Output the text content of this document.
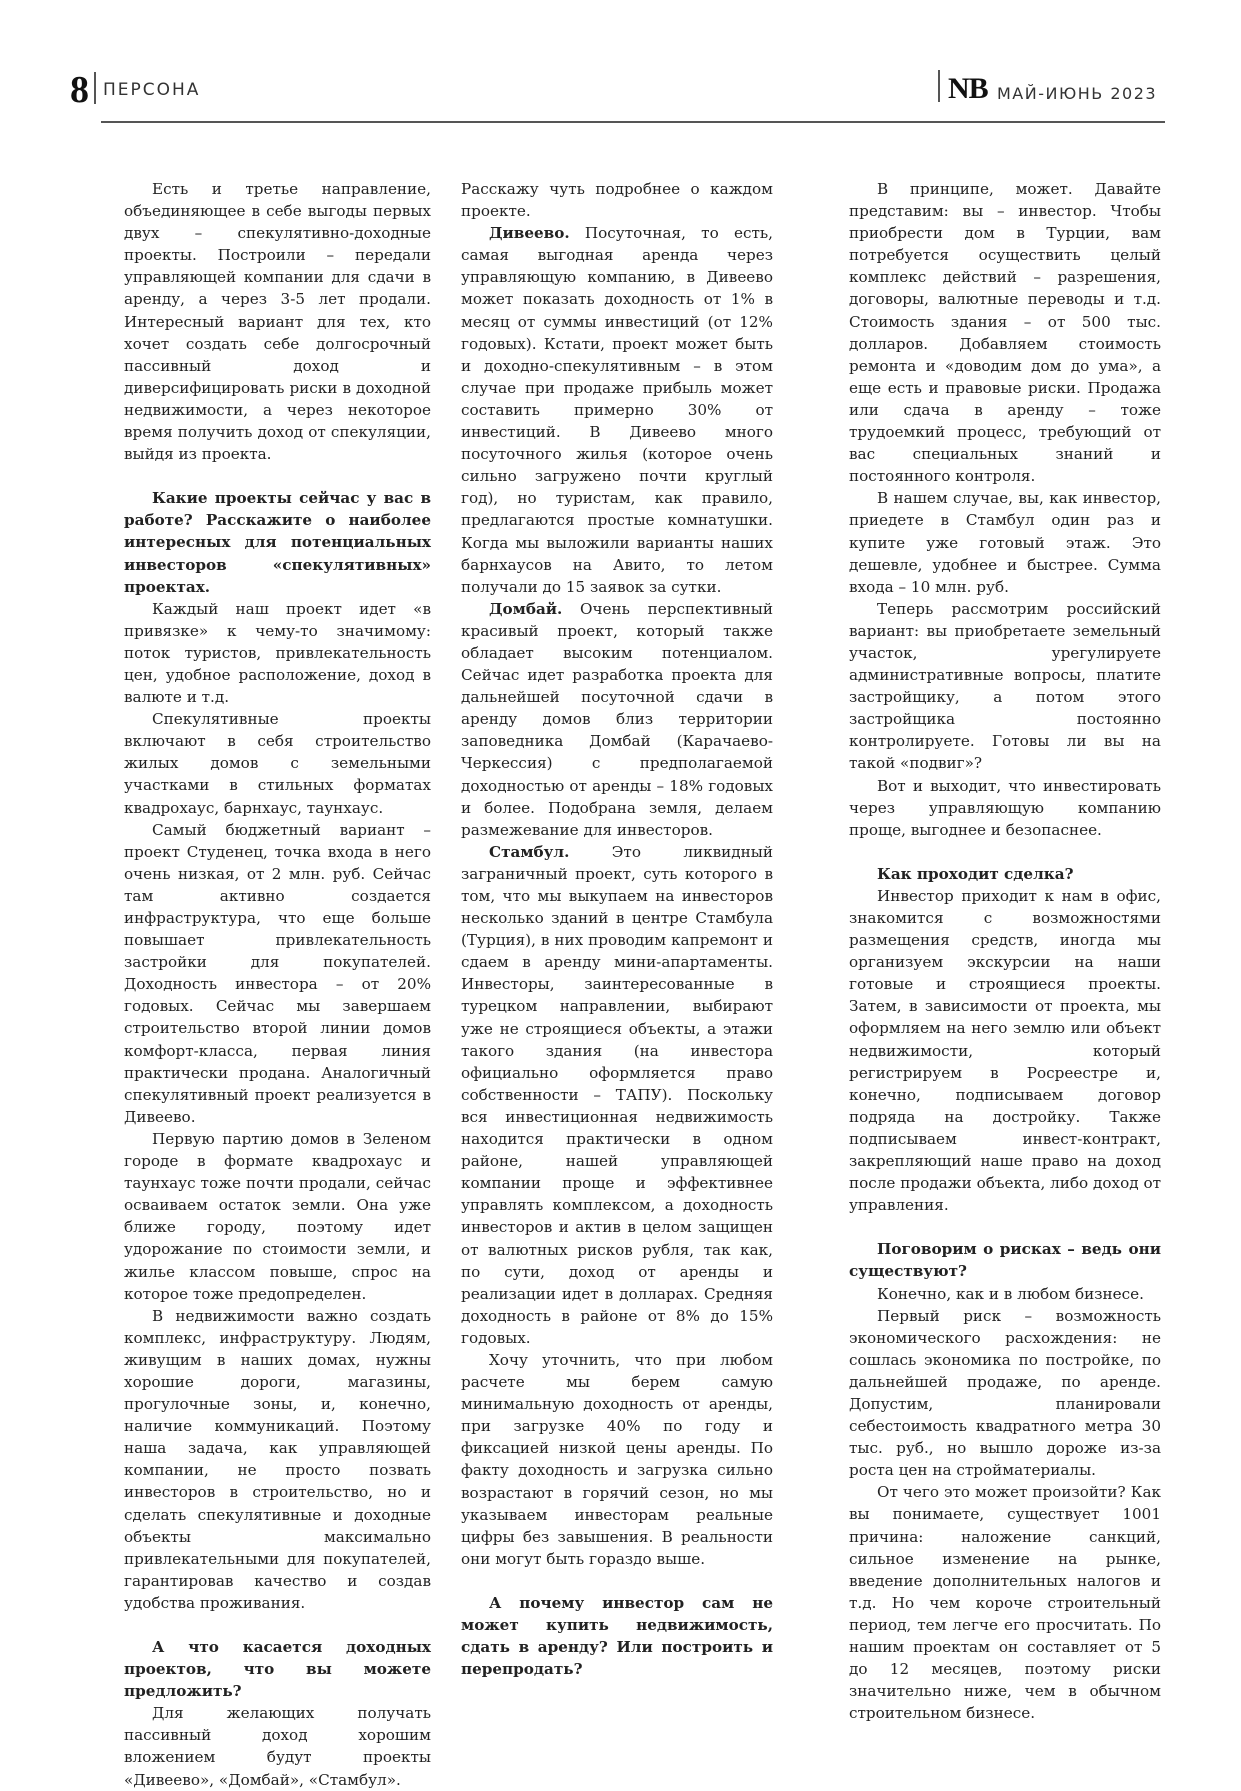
8 ПЕРСОНА	NB МАЙ-ИЮНЬ 2023

Есть и третье направление, объединяющее в себе выгоды первых двух – спекулятивно-доходные проекты. Построили – передали управляющей компании для сдачи в аренду, а через 3-5 лет продали. Интересный вариант для тех, кто хочет создать себе долгосрочный пассивный доход и диверсифицировать риски в доходной недвижимости, а через некоторое время получить доход от спекуляции, выйдя из проекта.

Какие проекты сейчас у вас в работе? Расскажите о наиболее интересных для потенциальных инвесторов «спекулятивных» проектах.

Каждый наш проект идет «в привязке» к чему-то значимому: поток туристов, привлекательность цен, удобное расположение, доход в валюте и т.д.

Спекулятивные проекты включают в себя строительство жилых домов с земельными участками в стильных форматах квадрохаус, барнхаус, таунхаус.

Самый бюджетный вариант – проект Студенец, точка входа в него очень низкая, от 2 млн. руб. Сейчас там активно создается инфраструктура, что еще больше повышает привлекательность застройки для покупателей. Доходность инвестора – от 20% годовых. Сейчас мы завершаем строительство второй линии домов комфорт-класса, первая линия практически продана. Аналогичный спекулятивный проект реализуется в Дивеево.

Первую партию домов в Зеленом городе в формате квадрохаус и таунхаус тоже почти продали, сейчас осваиваем остаток земли. Она уже ближе городу, поэтому идет удорожание по стоимости земли, и жилье классом повыше, спрос на которое тоже предопределен.

В недвижимости важно создать комплекс, инфраструктуру. Людям, живущим в наших домах, нужны хорошие дороги, магазины, прогулочные зоны, и, конечно, наличие коммуникаций. Поэтому наша задача, как управляющей компании, не просто позвать инвесторов в строительство, но и сделать спекулятивные и доходные объекты максимально привлекательными для покупателей, гарантировав качество и создав удобства проживания.

А что касается доходных проектов, что вы можете предложить?

Для желающих получать пассивный доход хорошим вложением будут проекты «Дивеево», «Домбай», «Стамбул».

Расскажу чуть подробнее о каждом проекте.

Дивеево. Посуточная, то есть, самая выгодная аренда через управляющую компанию, в Дивеево может показать доходность от 1% в месяц от суммы инвестиций (от 12% годовых). Кстати, проект может быть и доходно-спекулятивным – в этом случае при продаже прибыль может составить примерно 30% от инвестиций. В Дивеево много посуточного жилья (которое очень сильно загружено почти круглый год), но туристам, как правило, предлагаются простые комнатушки. Когда мы выложили варианты наших барнхаусов на Авито, то летом получали до 15 заявок за сутки.

Домбай. Очень перспективный красивый проект, который также обладает высоким потенциалом. Сейчас идет разработка проекта для дальнейшей посуточной сдачи в аренду домов близ территории заповедника Домбай (Карачаево-Черкессия) с предполагаемой доходностью от аренды – 18% годовых и более. Подобрана земля, делаем размежевание для инвесторов.

Стамбул. Это ликвидный заграничный проект, суть которого в том, что мы выкупаем на инвесторов несколько зданий в центре Стамбула (Турция), в них проводим капремонт и сдаем в аренду мини-апартаменты. Инвесторы, заинтересованные в турецком направлении, выбирают уже не строящиеся объекты, а этажи такого здания (на инвестора официально оформляется право собственности – ТАПУ). Поскольку вся инвестиционная недвижимость находится практически в одном районе, нашей управляющей компании проще и эффективнее управлять комплексом, а доходность инвесторов и актив в целом защищен от валютных рисков рубля, так как, по сути, доход от аренды и реализации идет в долларах. Средняя доходность в районе от 8% до 15% годовых.

Хочу уточнить, что при любом расчете мы берем самую минимальную доходность от аренды, при загрузке 40% по году и фиксацией низкой цены аренды. По факту доходность и загрузка сильно возрастают в горячий сезон, но мы указываем инвесторам реальные цифры без завышения. В реальности они могут быть гораздо выше.

А почему инвестор сам не может купить недвижимость, сдать в аренду? Или построить и перепродать?

В принципе, может. Давайте представим: вы – инвестор. Чтобы приобрести дом в Турции, вам потребуется осуществить целый комплекс действий – разрешения, договоры, валютные переводы и т.д. Стоимость здания – от 500 тыс. долларов. Добавляем стоимость ремонта и «доводим дом до ума», а еще есть и правовые риски. Продажа или сдача в аренду – тоже трудоемкий процесс, требующий от вас специальных знаний и постоянного контроля.

В нашем случае, вы, как инвестор, приедете в Стамбул один раз и купите уже готовый этаж. Это дешевле, удобнее и быстрее. Сумма входа – 10 млн. руб.

Теперь рассмотрим российский вариант: вы приобретаете земельный участок, урегулируете административные вопросы, платите застройщику, а потом этого застройщика постоянно контролируете. Готовы ли вы на такой «подвиг»?

Вот и выходит, что инвестировать через управляющую компанию проще, выгоднее и безопаснее.

Как проходит сделка?

Инвестор приходит к нам в офис, знакомится с возможностями размещения средств, иногда мы организуем экскурсии на наши готовые и строящиеся проекты. Затем, в зависимости от проекта, мы оформляем на него землю или объект недвижимости, который регистрируем в Росреестре и, конечно, подписываем договор подряда на достройку. Также подписываем инвест-контракт, закрепляющий наше право на доход после продажи объекта, либо доход от управления.

Поговорим о рисках – ведь они существуют?

Конечно, как и в любом бизнесе.

Первый риск – возможность экономического расхождения: не сошлась экономика по постройке, по дальнейшей продаже, по аренде. Допустим, планировали себестоимость квадратного метра 30 тыс. руб., но вышло дороже из-за роста цен на стройматериалы.

От чего это может произойти? Как вы понимаете, существует 1001 причина: наложение санкций, сильное изменение на рынке, введение дополнительных налогов и т.д. Но чем короче строительный период, тем легче его просчитать. По нашим проектам он составляет от 5 до 12 месяцев, поэтому риски значительно ниже, чем в обычном строительном бизнесе.
